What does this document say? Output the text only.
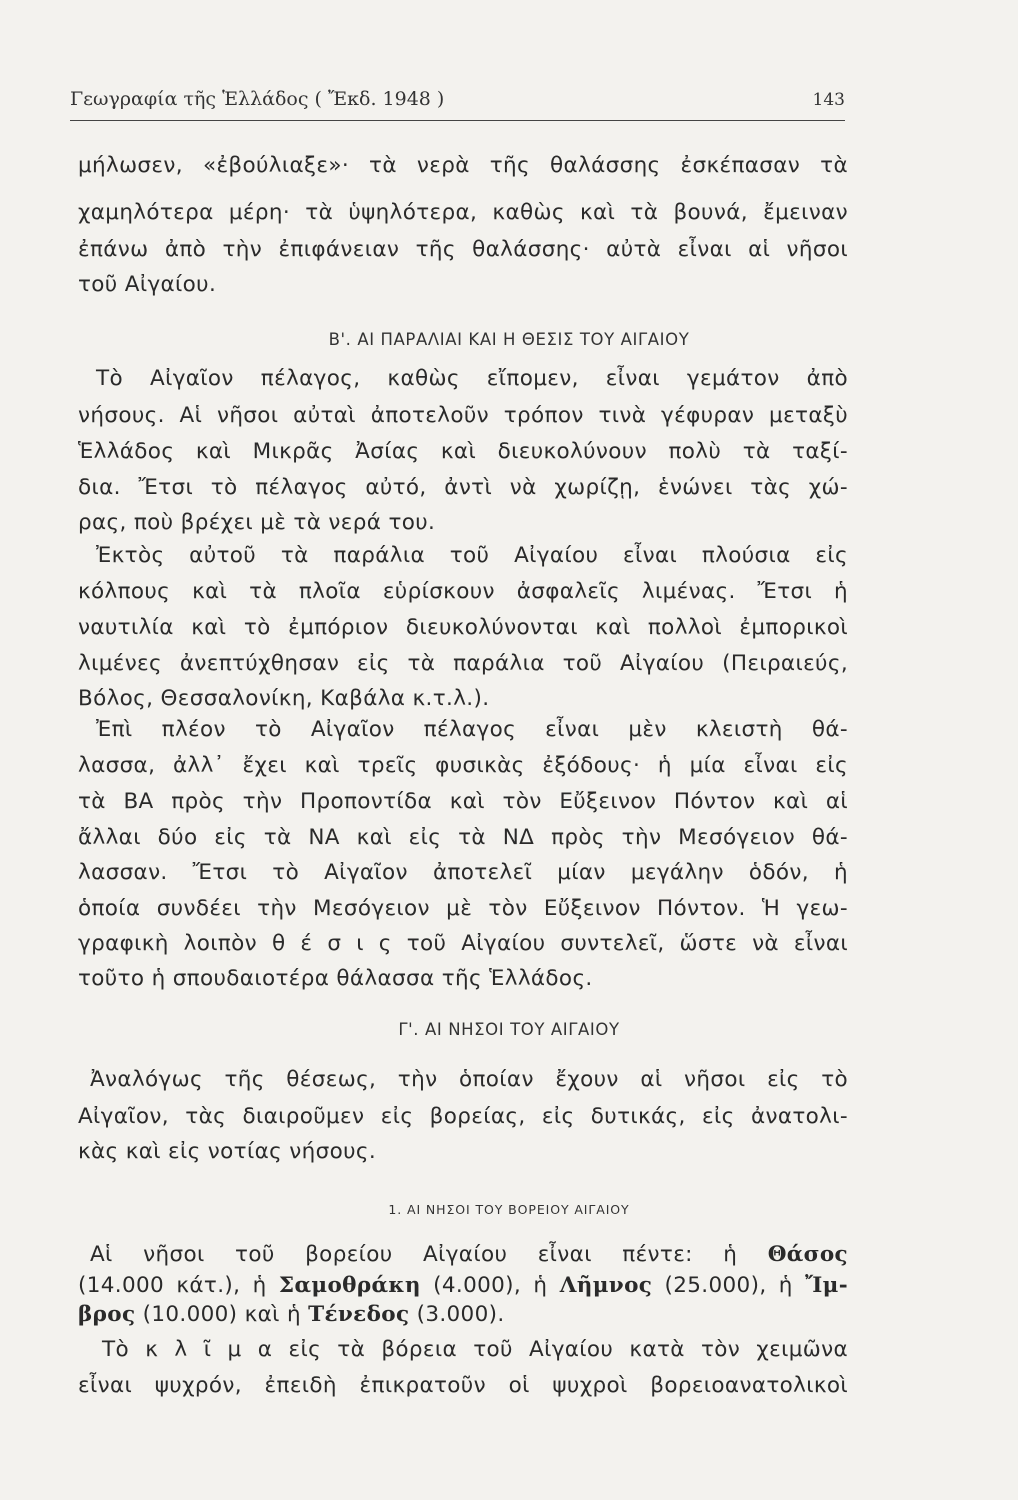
Γεωγραφία τῆς Ἑλλάδος ( Ἔκδ. 1948 )	143
Β'. ΑΙ ΠΑΡΑΛΙΑΙ ΚΑΙ Η ΘΕΣΙΣ ΤΟΥ ΑΙΓΑΙΟΥ
Γ'. ΑΙ ΝΗΣΟΙ ΤΟΥ ΑΙΓΑΙΟΥ
1. ΑΙ ΝΗΣΟΙ ΤΟΥ ΒΟΡΕΙΟΥ ΑΙΓΑΙΟΥ
μήλωσεν, «ἐβούλιαξε»· τὰ νερὰ τῆς θαλάσσης ἐσκέπασαν τὰ
χαμηλότερα μέρη· τὰ ὑψηλότερα, καθὼς καὶ τὰ βουνά, ἔμειναν
ἐπάνω ἀπὸ τὴν ἐπιφάνειαν τῆς θαλάσσης· αὐτὰ εἶναι αἱ νῆσοι
τοῦ Αἰγαίου.
Τὸ Αἰγαῖον πέλαγος, καθὼς εἴπομεν, εἶναι γεμάτον ἀπὸ
νήσους. Αἱ νῆσοι αὐταὶ ἀποτελοῦν τρόπον τινὰ γέφυραν μεταξὺ
Ἑλλάδος καὶ Μικρᾶς Ἀσίας καὶ διευκολύνουν πολὺ τὰ ταξί-
δια. Ἔτσι τὸ πέλαγος αὐτό, ἀντὶ νὰ χωρίζῃ, ἑνώνει τὰς χώ-
ρας, ποὺ βρέχει μὲ τὰ νερά του.
Ἐκτὸς αὐτοῦ τὰ παράλια τοῦ Αἰγαίου εἶναι πλούσια εἰς
κόλπους καὶ τὰ πλοῖα εὑρίσκουν ἀσφαλεῖς λιμένας. Ἔτσι ἡ
ναυτιλία καὶ τὸ ἐμπόριον διευκολύνονται καὶ πολλοὶ ἐμπορικοὶ
λιμένες ἀνεπτύχθησαν εἰς τὰ παράλια τοῦ Αἰγαίου (Πειραιεύς,
Βόλος, Θεσσαλονίκη, Καβάλα κ.τ.λ.).
Ἐπὶ πλέον τὸ Αἰγαῖον πέλαγος εἶναι μὲν κλειστὴ θά-
λασσα, ἀλλ᾽ ἔχει καὶ τρεῖς φυσικὰς ἐξόδους· ἡ μία εἶναι εἰς
τὰ ΒΑ πρὸς τὴν Προποντίδα καὶ τὸν Εὔξεινον Πόντον καὶ αἱ
ἄλλαι δύο εἰς τὰ ΝΑ καὶ εἰς τὰ ΝΔ πρὸς τὴν Μεσόγειον θά-
λασσαν. Ἔτσι τὸ Αἰγαῖον ἀποτελεῖ μίαν μεγάλην ὁδόν, ἡ
ὁποία συνδέει τὴν Μεσόγειον μὲ τὸν Εὔξεινον Πόντον. Ἡ γεω-
γραφικὴ λοιπὸν θ έ σ ι ς τοῦ Αἰγαίου συντελεῖ, ὥστε νὰ εἶναι
τοῦτο ἡ σπουδαιοτέρα θάλασσα τῆς Ἑλλάδος.
Ἀναλόγως τῆς θέσεως, τὴν ὁποίαν ἔχουν αἱ νῆσοι εἰς τὸ
Αἰγαῖον, τὰς διαιροῦμεν εἰς βορείας, εἰς δυτικάς, εἰς ἀνατολι-
κὰς καὶ εἰς νοτίας νήσους.
Αἱ νῆσοι τοῦ βορείου Αἰγαίου εἶναι πέντε: ἡ Θάσος
(14.000 κάτ.), ἡ Σαμοθράκη (4.000), ἡ Λῆμνος (25.000), ἡ Ἴμ-
βρος (10.000) καὶ ἡ Τένεδος (3.000).
Τὸ κ λ ῖ μ α εἰς τὰ βόρεια τοῦ Αἰγαίου κατὰ τὸν χειμῶνα
εἶναι ψυχρόν, ἐπειδὴ ἐπικρατοῦν οἱ ψυχροὶ βορειοανατολικοὶ
